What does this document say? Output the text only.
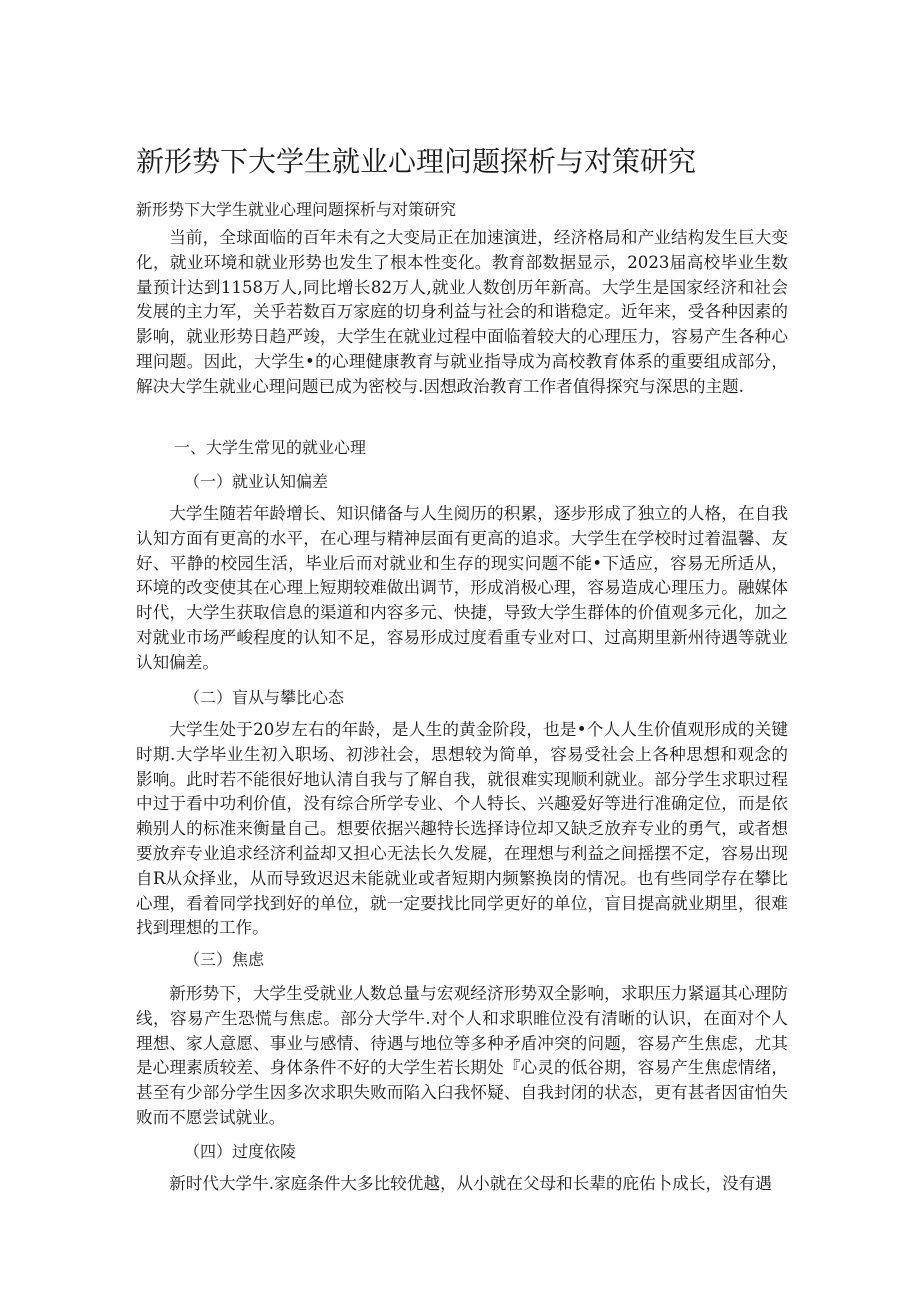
新形势下大学生就业心理问题探析与对策研究
新形势下大学生就业心理问题探析与对策研究

当前，全球面临的百年未有之大变局正在加速演进，经济格局和产业结构发生巨大变化，就业环境和就业形势也发生了根本性变化。教育部数据显示，2023届高校毕业生数量预计达到1158万人,同比增长82万人,就业人数创历年新高。大学生是国家经济和社会发展的主力军，关乎若数百万家庭的切身利益与社会的和谐稳定。近年来，受各种因素的影响，就业形势日趋严竣，大学生在就业过程中面临着较大的心理压力，容易产生各种心理问题。因此，大学生•的心理健康教育与就业指导成为高校教育体系的重要组成部分，解决大学生就业心理问题已成为密校与.因想政治教育工作者值得探究与深思的主题.

一、大学生常见的就业心理
（一）就业认知偏差

大学生随若年龄增长、知识储备与人生阅历的积累，逐步形成了独立的人格，在自我认知方面有更高的水平，在心理与精神层面有更高的追求。大学生在学校时过着温馨、友好、平静的校园生活，毕业后而对就业和生存的现实问题不能•下适应，容易无所适从，环境的改变使其在心理上短期较难做出调节，形成消极心理，容易造成心理压力。融媒体时代，大学生获取信息的渠道和内容多元、快捷，导致大学生群体的价值观多元化，加之对就业市场严峻程度的认知不足，容易形成过度看重专业对口、过高期里新州待遇等就业认知偏差。

（二）盲从与攀比心态

大学生处于20岁左右的年龄，是人生的黄金阶段，也是•个人人生价值观形成的关键时期.大学毕业生初入职场、初涉社会，思想较为简单，容易受社会上各种思想和观念的影响。此时若不能很好地认清自我与了解自我，就很难实现顺利就业。部分学生求职过程中过于看中功利价值，没有综合所学专业、个人特长、兴趣爱好等进行准确定位，而是依赖别人的标准来衡量自己。想要依据兴趣特长选择诗位却又缺乏放弃专业的勇气，或者想要放弃专业追求经济利益却又担心无法长久发屣，在理想与利益之间摇摆不定，容易出现自R从众择业，从而导致迟迟未能就业或者短期内频繁换岗的情况。也有些同学存在攀比心理，看着同学找到好的单位，就一定要找比同学更好的单位，盲目提高就业期里，很难找到理想的工作。

（三）焦虑

新形势下，大学生受就业人数总量与宏观经济形势双全影响，求职压力紧逼其心理防线，容易产生恐慌与焦虑。部分大学牛.对个人和求职睢位没有清晰的认识，在面对个人理想、家人意愿、事业与感情、待遇与地位等多种矛盾冲突的问题，容易产生焦虑，尤其是心理素质较差、身体条件不好的大学生若长期处『心灵的低谷期，容易产生焦虑情绪，甚至有少部分学生因多次求职失败而陷入臼我怀疑、自我封闭的状态，更有甚者因宙怕失败而不愿尝试就业。

（四）过度依陵

新时代大学牛.家庭条件大多比较优越，从小就在父母和长辈的庇佑卜成长，没有遇
